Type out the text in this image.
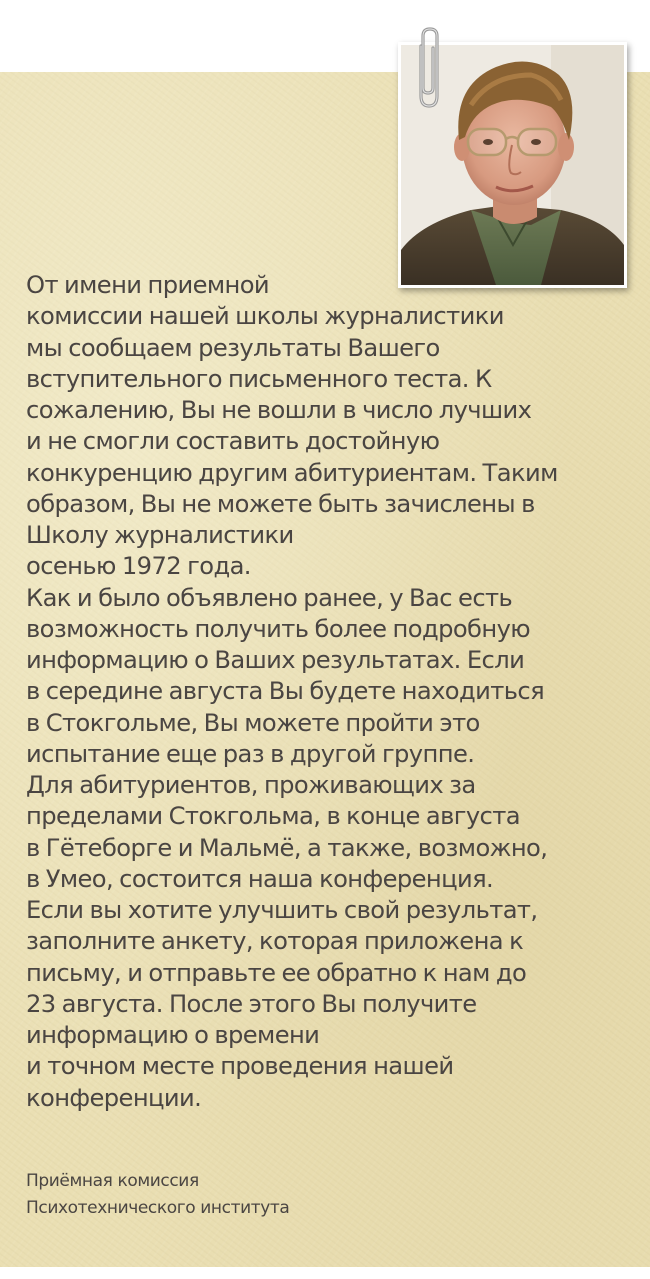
От имени приемной
комиссии нашей школы журналистики
мы сообщаем результаты Вашего
вступительного письменного теста. К
сожалению, Вы не вошли в число лучших
и не смогли составить достойную
конкуренцию другим абитуриентам. Таким
образом, Вы не можете быть зачислены в
Школу журналистики
осенью 1972 года.
Как и было объявлено ранее, у Вас есть
возможность получить более подробную
информацию о Ваших результатах. Если
в середине августа Вы будете находиться
в Стокгольме, Вы можете пройти это
испытание еще раз в другой группе.
Для абитуриентов, проживающих за
пределами Стокгольма, в конце августа
в Гётеборге и Мальмё, а также, возможно,
в Умео, состоится наша конференция.
Если вы хотите улучшить свой результат,
заполните анкету, которая приложена к
письму, и отправьте ее обратно к нам до
23 августа. После этого Вы получите
информацию о времени
и точном месте проведения нашей
конференции.

Приёмная комиссия
Психотехнического института
